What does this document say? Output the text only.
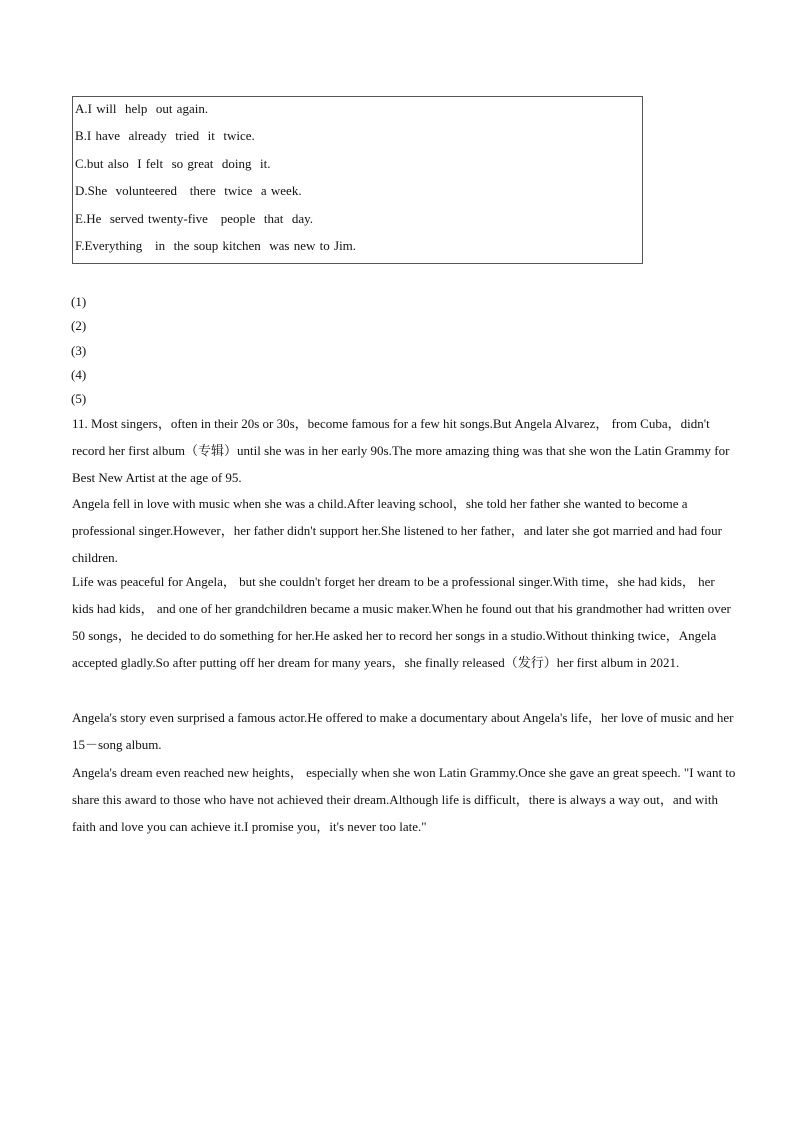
A.I will  help  out again.
B.I have  already  tried  it  twice.
C.but also  I felt  so great  doing  it.
D.She  volunteered   there  twice  a week.
E.He  served twenty-five   people  that  day.
F.Everything   in  the soup kitchen  was new to Jim.
(1)
(2)
(3)
(4)
(5)

11. Most singers，often in their 20s or 30s，become famous for a few hit songs.But Angela Alvarez， from Cuba，didn't record her first album（专辑）until she was in her early 90s.The more amazing thing was that she won the Latin Grammy for Best New Artist at the age of 95.

Angela fell in love with music when she was a child.After leaving school，she told her father she wanted to become a professional singer.However，her father didn't support her.She listened to her father，and later she got married and had four children.

Life was peaceful for Angela， but she couldn't forget her dream to be a professional singer.With time，she had kids， her kids had kids， and one of her grandchildren became a music maker.When he found out that his grandmother had written over 50 songs，he decided to do something for her.He asked her to record her songs in a studio.Without thinking twice，Angela accepted gladly.So after putting off her dream for many years，she finally released（发行）her first album in 2021.

Angela's story even surprised a famous actor.He offered to make a documentary about Angela's life，her love of music and her 15－song album.

Angela's dream even reached new heights， especially when she won Latin Grammy.Once she gave an great speech. "I want to share this award to those who have not achieved their dream.Although life is difficult，there is always a way out，and with faith and love you can achieve it.I promise you，it's never too late."
